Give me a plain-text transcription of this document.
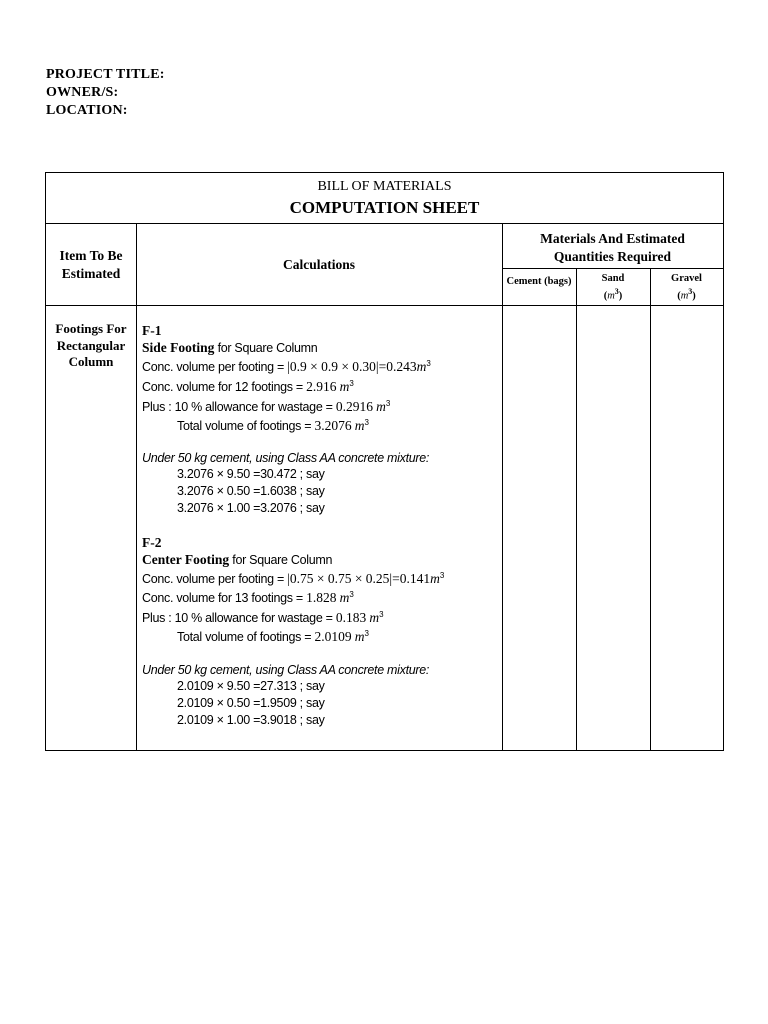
PROJECT TITLE:
OWNER/S:
LOCATION:
BILL OF MATERIALS
COMPUTATION SHEET
Item To Be Estimated
Calculations
Materials And Estimated Quantities Required
Cement (bags)	Sand
$(m^3)$
Gravel
$(m^3)$
Footings For Rectangular Column
F-1
Side Footing for Square Column
Conc. volume per footing = $|0.9 \times 0.9 \times 0.30|=0.243m^3$
Conc. volume for 12 footings = 2.916 $m^3$
Plus : 10 % allowance for wastage = 0.2916 $m^3$
Total volume of footings = 3.2076 $m^3$
Under 50 kg cement, using Class AA concrete mixture:
3.2076 × 9.50 =30.472 ; say
3.2076 × 0.50 =1.6038 ; say
3.2076 × 1.00 =3.2076 ; say
F-2
Center Footing for Square Column
Conc. volume per footing = $|0.75 \times 0.75 \times 0.25|=0.141m^3$
Conc. volume for 13 footings = 1.828 $m^3$
Plus : 10 % allowance for wastage = 0.183 $m^3$
Total volume of footings = 2.0109 $m^3$
Under 50 kg cement, using Class AA concrete mixture:
2.0109 × 9.50 =27.313 ; say
2.0109 × 0.50 =1.9509 ; say
2.0109 × 1.00 =3.9018 ; say
